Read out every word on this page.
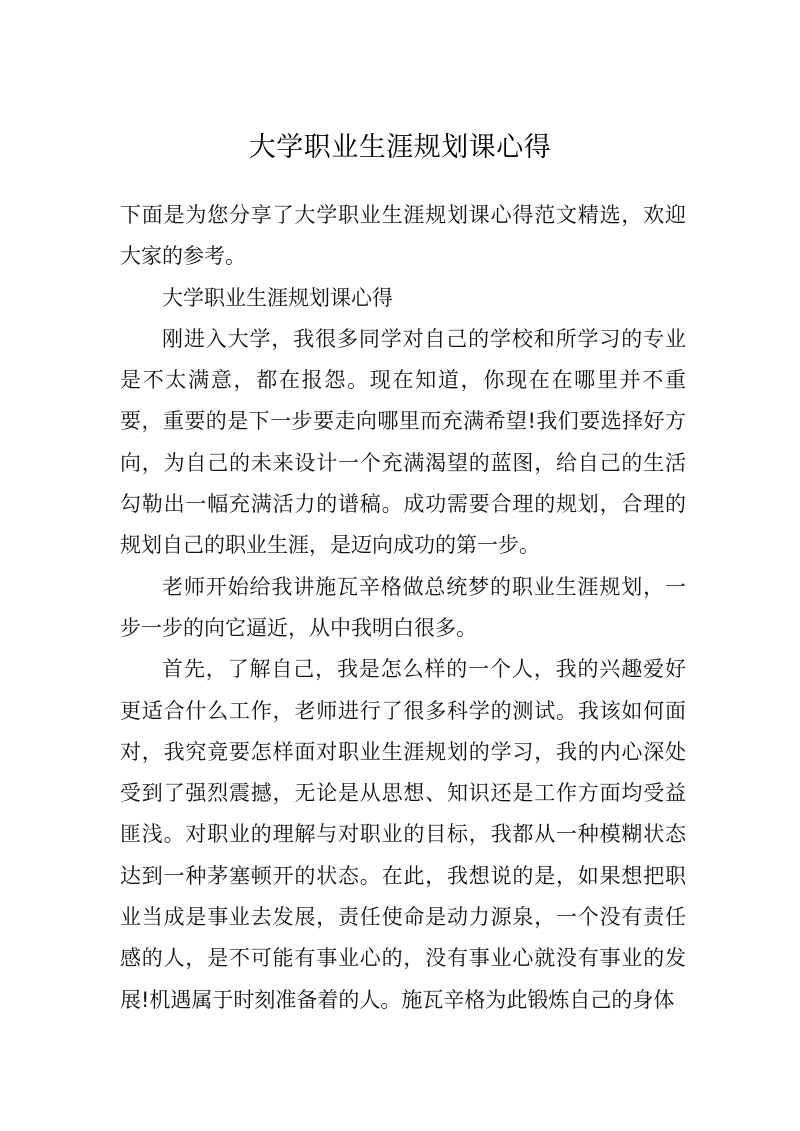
大学职业生涯规划课心得

下面是为您分享了大学职业生涯规划课心得范文精选，欢迎大家的参考。

大学职业生涯规划课心得

刚进入大学，我很多同学对自己的学校和所学习的专业是不太满意，都在报怨。现在知道，你现在在哪里并不重要，重要的是下一步要走向哪里而充满希望!我们要选择好方向，为自己的未来设计一个充满渴望的蓝图，给自己的生活勾勒出一幅充满活力的谱稿。成功需要合理的规划，合理的规划自己的职业生涯，是迈向成功的第一步。

老师开始给我讲施瓦辛格做总统梦的职业生涯规划，一步一步的向它逼近，从中我明白很多。

首先，了解自己，我是怎么样的一个人，我的兴趣爱好更适合什么工作，老师进行了很多科学的测试。我该如何面对，我究竟要怎样面对职业生涯规划的学习，我的内心深处受到了强烈震撼，无论是从思想、知识还是工作方面均受益匪浅。对职业的理解与对职业的目标，我都从一种模糊状态达到一种茅塞顿开的状态。在此，我想说的是，如果想把职业当成是事业去发展，责任使命是动力源泉，一个没有责任感的人，是不可能有事业心的，没有事业心就没有事业的发展!机遇属于时刻准备着的人。施瓦辛格为此锻炼自己的身体
